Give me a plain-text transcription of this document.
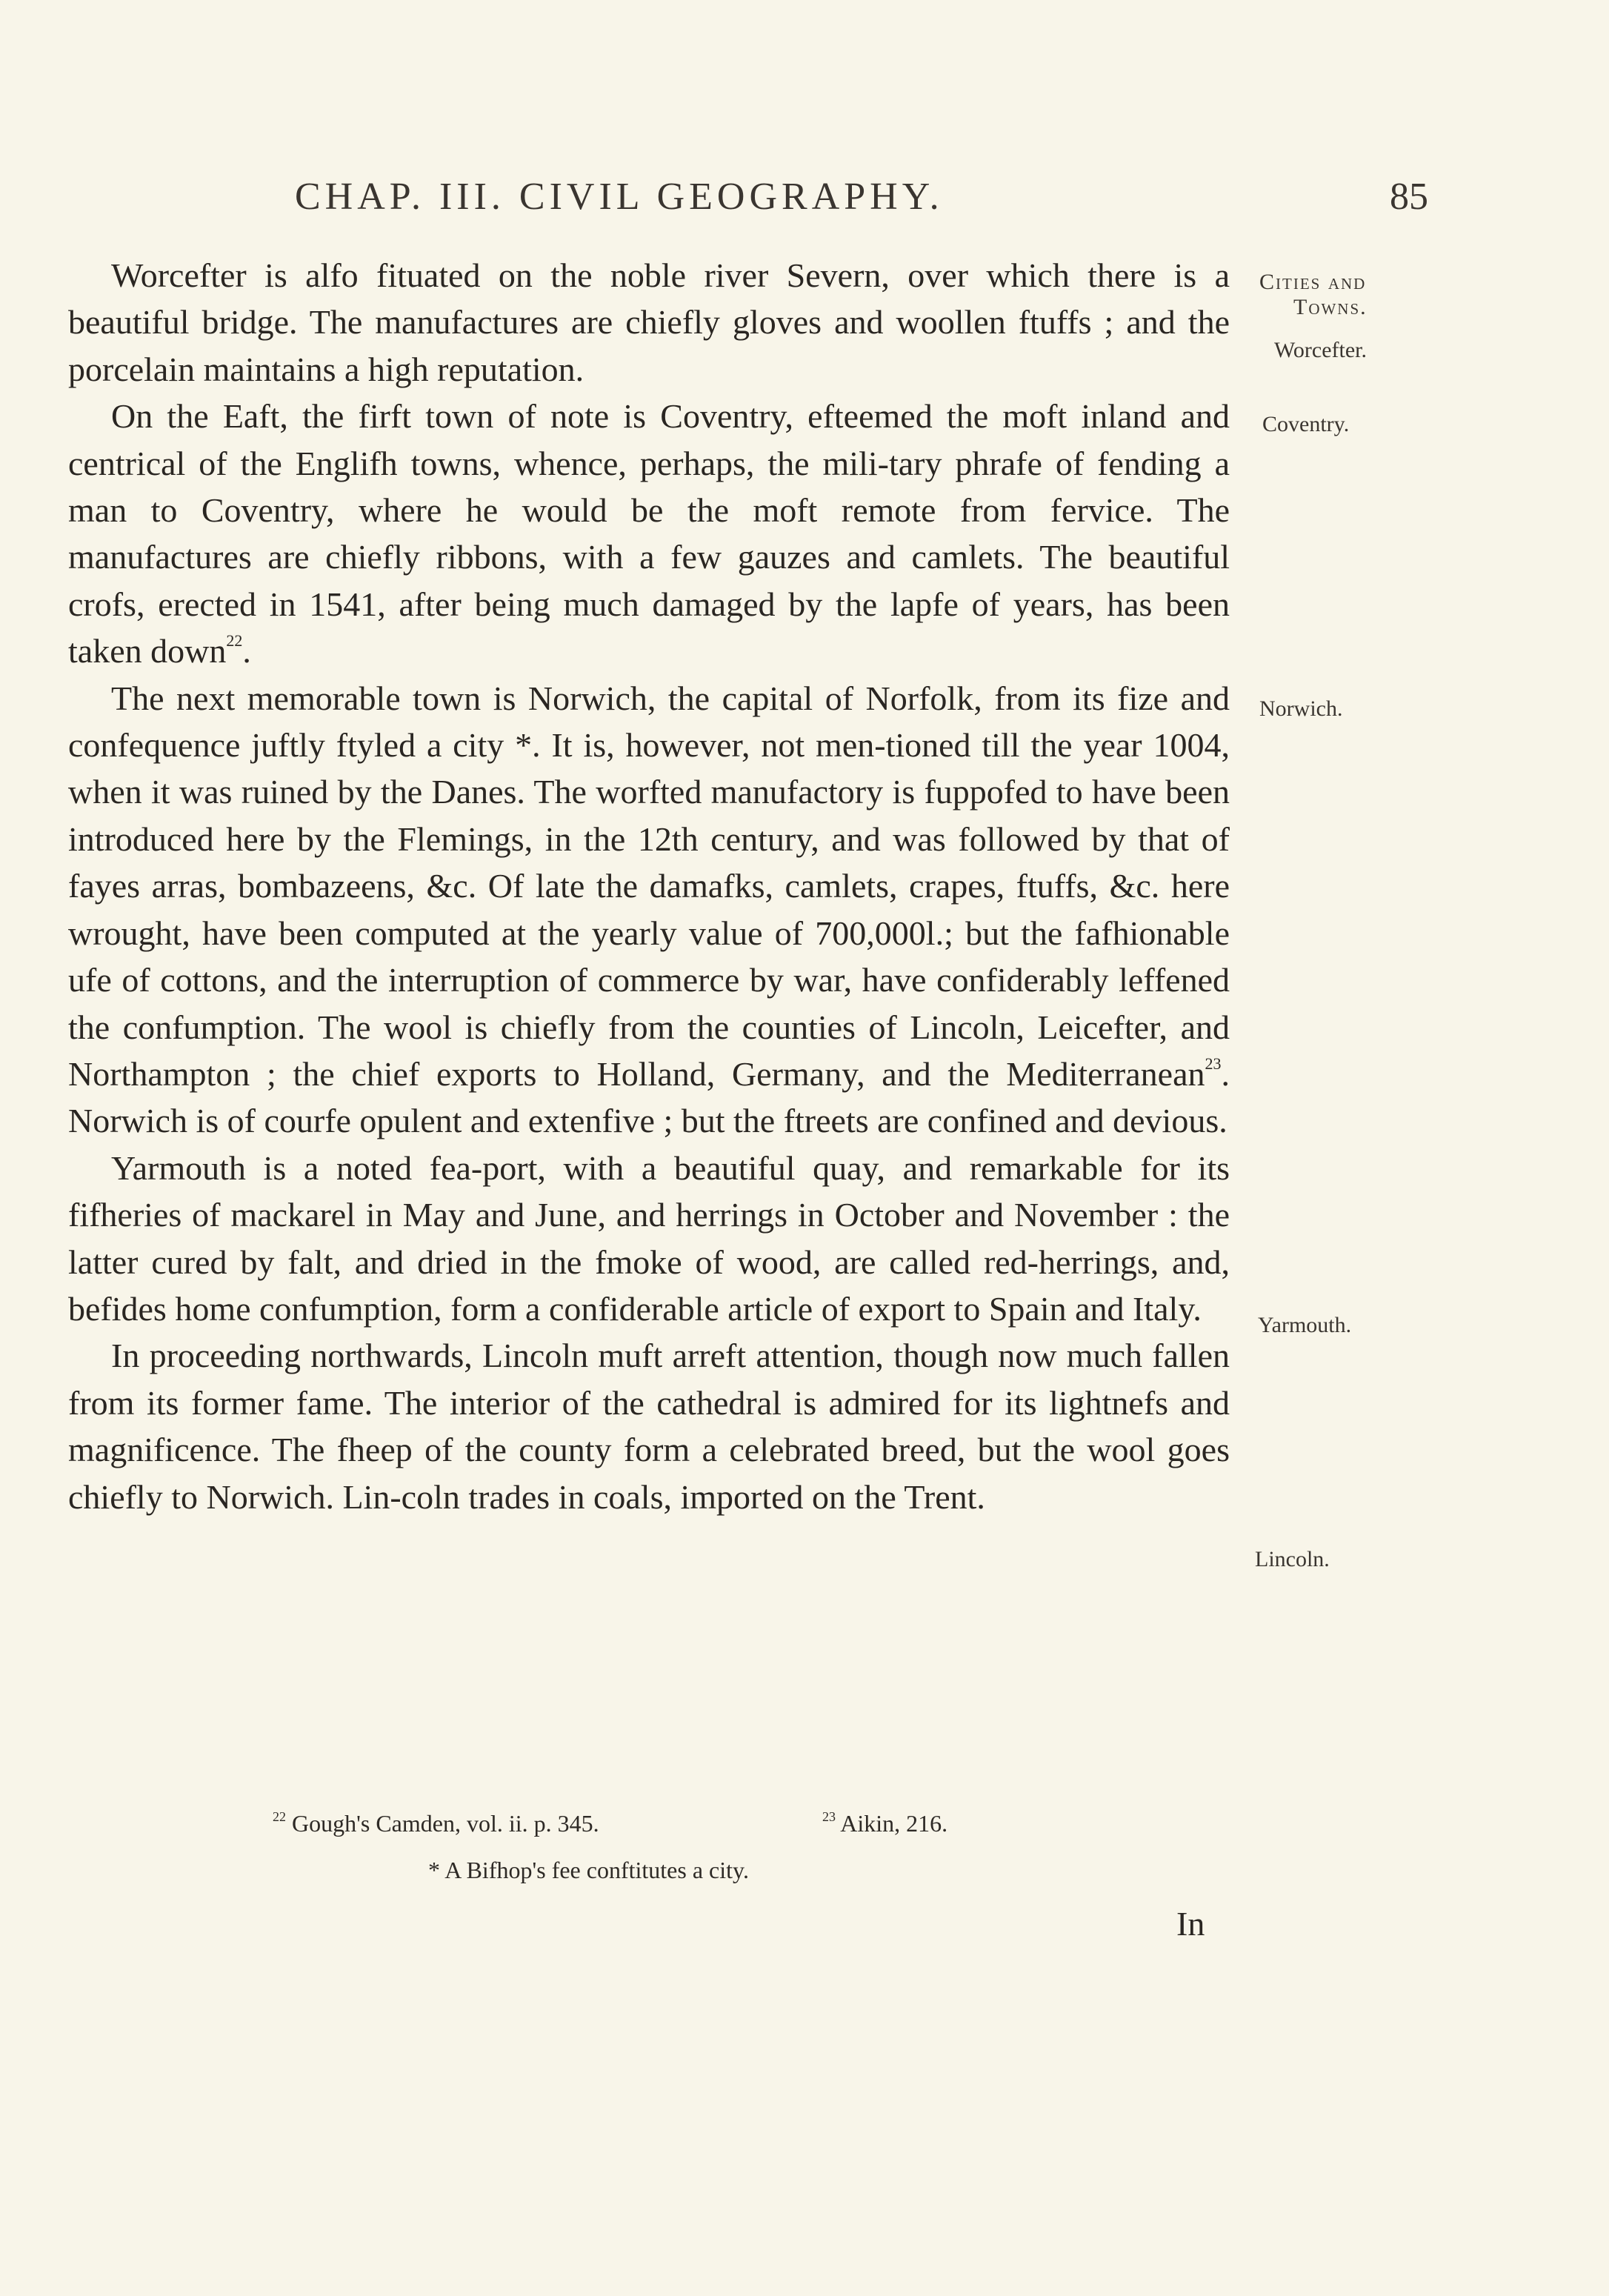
CHAP. III. CIVIL GEOGRAPHY.	85

Worcefter is alfo fituated on the noble river Severn, over which there is a beautiful bridge. The manufactures are chiefly gloves and woollen ftuffs ; and the porcelain maintains a high reputation.

On the Eaft, the firft town of note is Coventry, efteemed the moft inland and centrical of the Englifh towns, whence, perhaps, the mili-tary phrafe of fending a man to Coventry, where he would be the moft remote from fervice. The manufactures are chiefly ribbons, with a few gauzes and camlets. The beautiful crofs, erected in 1541, after being much damaged by the lapfe of years, has been taken down$^{22}$.

The next memorable town is Norwich, the capital of Norfolk, from its fize and confequence juftly ftyled a city *. It is, however, not men-tioned till the year 1004, when it was ruined by the Danes. The worfted manufactory is fuppofed to have been introduced here by the Flemings, in the 12th century, and was followed by that of fayes arras, bombazeens, &c. Of late the damafks, camlets, crapes, ftuffs, &c. here wrought, have been computed at the yearly value of 700,000l.; but the fafhionable ufe of cottons, and the interruption of commerce by war, have confiderably leffened the confumption. The wool is chiefly from the counties of Lincoln, Leicefter, and Northampton ; the chief exports to Holland, Germany, and the Mediterranean$^{23}$. Norwich is of courfe opulent and extenfive ; but the ftreets are confined and devious.

Yarmouth is a noted fea-port, with a beautiful quay, and remarkable for its fifheries of mackarel in May and June, and herrings in October and November : the latter cured by falt, and dried in the fmoke of wood, are called red-herrings, and, befides home confumption, form a confiderable article of export to Spain and Italy.

In proceeding northwards, Lincoln muft arreft attention, though now much fallen from its former fame. The interior of the cathedral is admired for its lightnefs and magnificence. The fheep of the county form a celebrated breed, but the wool goes chiefly to Norwich. Lin-coln trades in coals, imported on the Trent.

Cities and
Towns.
Worcefter.
Coventry.
Norwich.
Yarmouth.
Lincoln.
$^{22}$ Gough's Camden, vol. ii. p. 345.	$^{23}$ Aikin, 216.
* A Bifhop's fee conftitutes a city.
In
